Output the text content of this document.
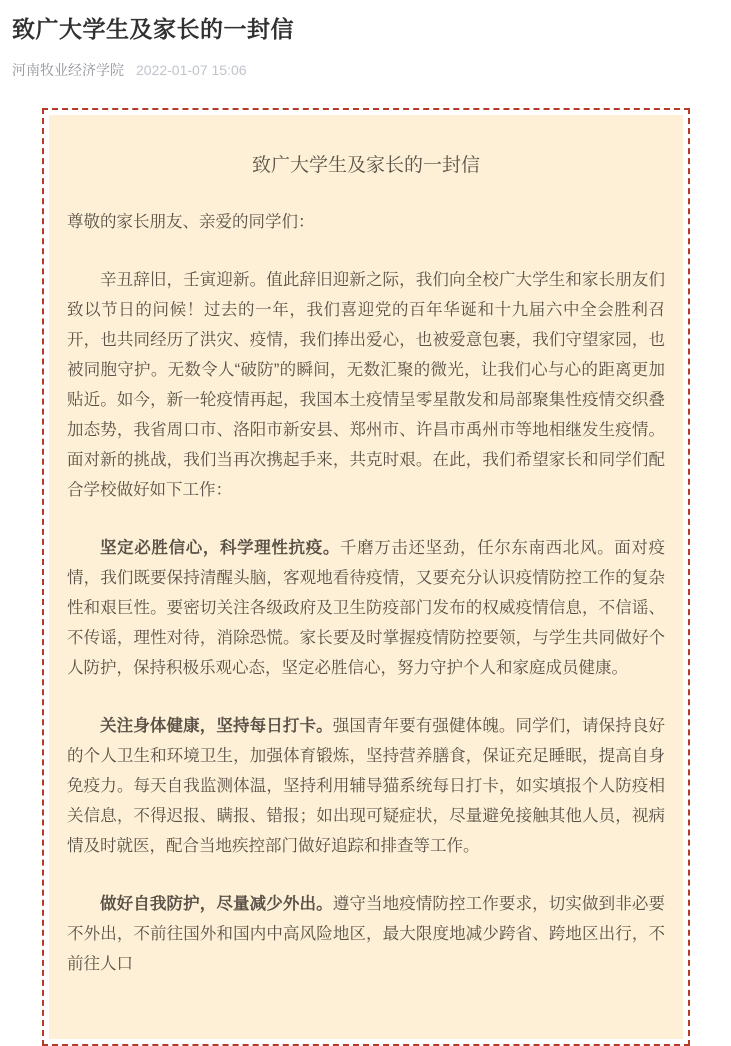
致广大学生及家长的一封信
河南牧业经济学院 2022-01-07 15:06
致广大学生及家长的一封信

尊敬的家长朋友、亲爱的同学们：

辛丑辞旧，壬寅迎新。值此辞旧迎新之际，我们向全校广大学生和家长朋友们致以节日的问候！过去的一年，我们喜迎党的百年华诞和十九届六中全会胜利召开，也共同经历了洪灾、疫情，我们捧出爱心，也被爱意包裹，我们守望家园，也被同胞守护。无数令人“破防”的瞬间，无数汇聚的微光，让我们心与心的距离更加贴近。如今，新一轮疫情再起，我国本土疫情呈零星散发和局部聚集性疫情交织叠加态势，我省周口市、洛阳市新安县、郑州市、许昌市禹州市等地相继发生疫情。面对新的挑战，我们当再次携起手来，共克时艰。在此，我们希望家长和同学们配合学校做好如下工作：

坚定必胜信心，科学理性抗疫。千磨万击还坚劲，任尔东南西北风。面对疫情，我们既要保持清醒头脑，客观地看待疫情，又要充分认识疫情防控工作的复杂性和艰巨性。要密切关注各级政府及卫生防疫部门发布的权威疫情信息，不信谣、不传谣，理性对待，消除恐慌。家长要及时掌握疫情防控要领，与学生共同做好个人防护，保持积极乐观心态，坚定必胜信心，努力守护个人和家庭成员健康。

关注身体健康，坚持每日打卡。强国青年要有强健体魄。同学们，请保持良好的个人卫生和环境卫生，加强体育锻炼，坚持营养膳食，保证充足睡眠，提高自身免疫力。每天自我监测体温，坚持利用辅导猫系统每日打卡，如实填报个人防疫相关信息，不得迟报、瞒报、错报；如出现可疑症状，尽量避免接触其他人员，视病情及时就医，配合当地疾控部门做好追踪和排查等工作。

做好自我防护，尽量减少外出。遵守当地疫情防控工作要求，切实做到非必要不外出，不前往国外和国内中高风险地区，最大限度地减少跨省、跨地区出行，不前往人口
